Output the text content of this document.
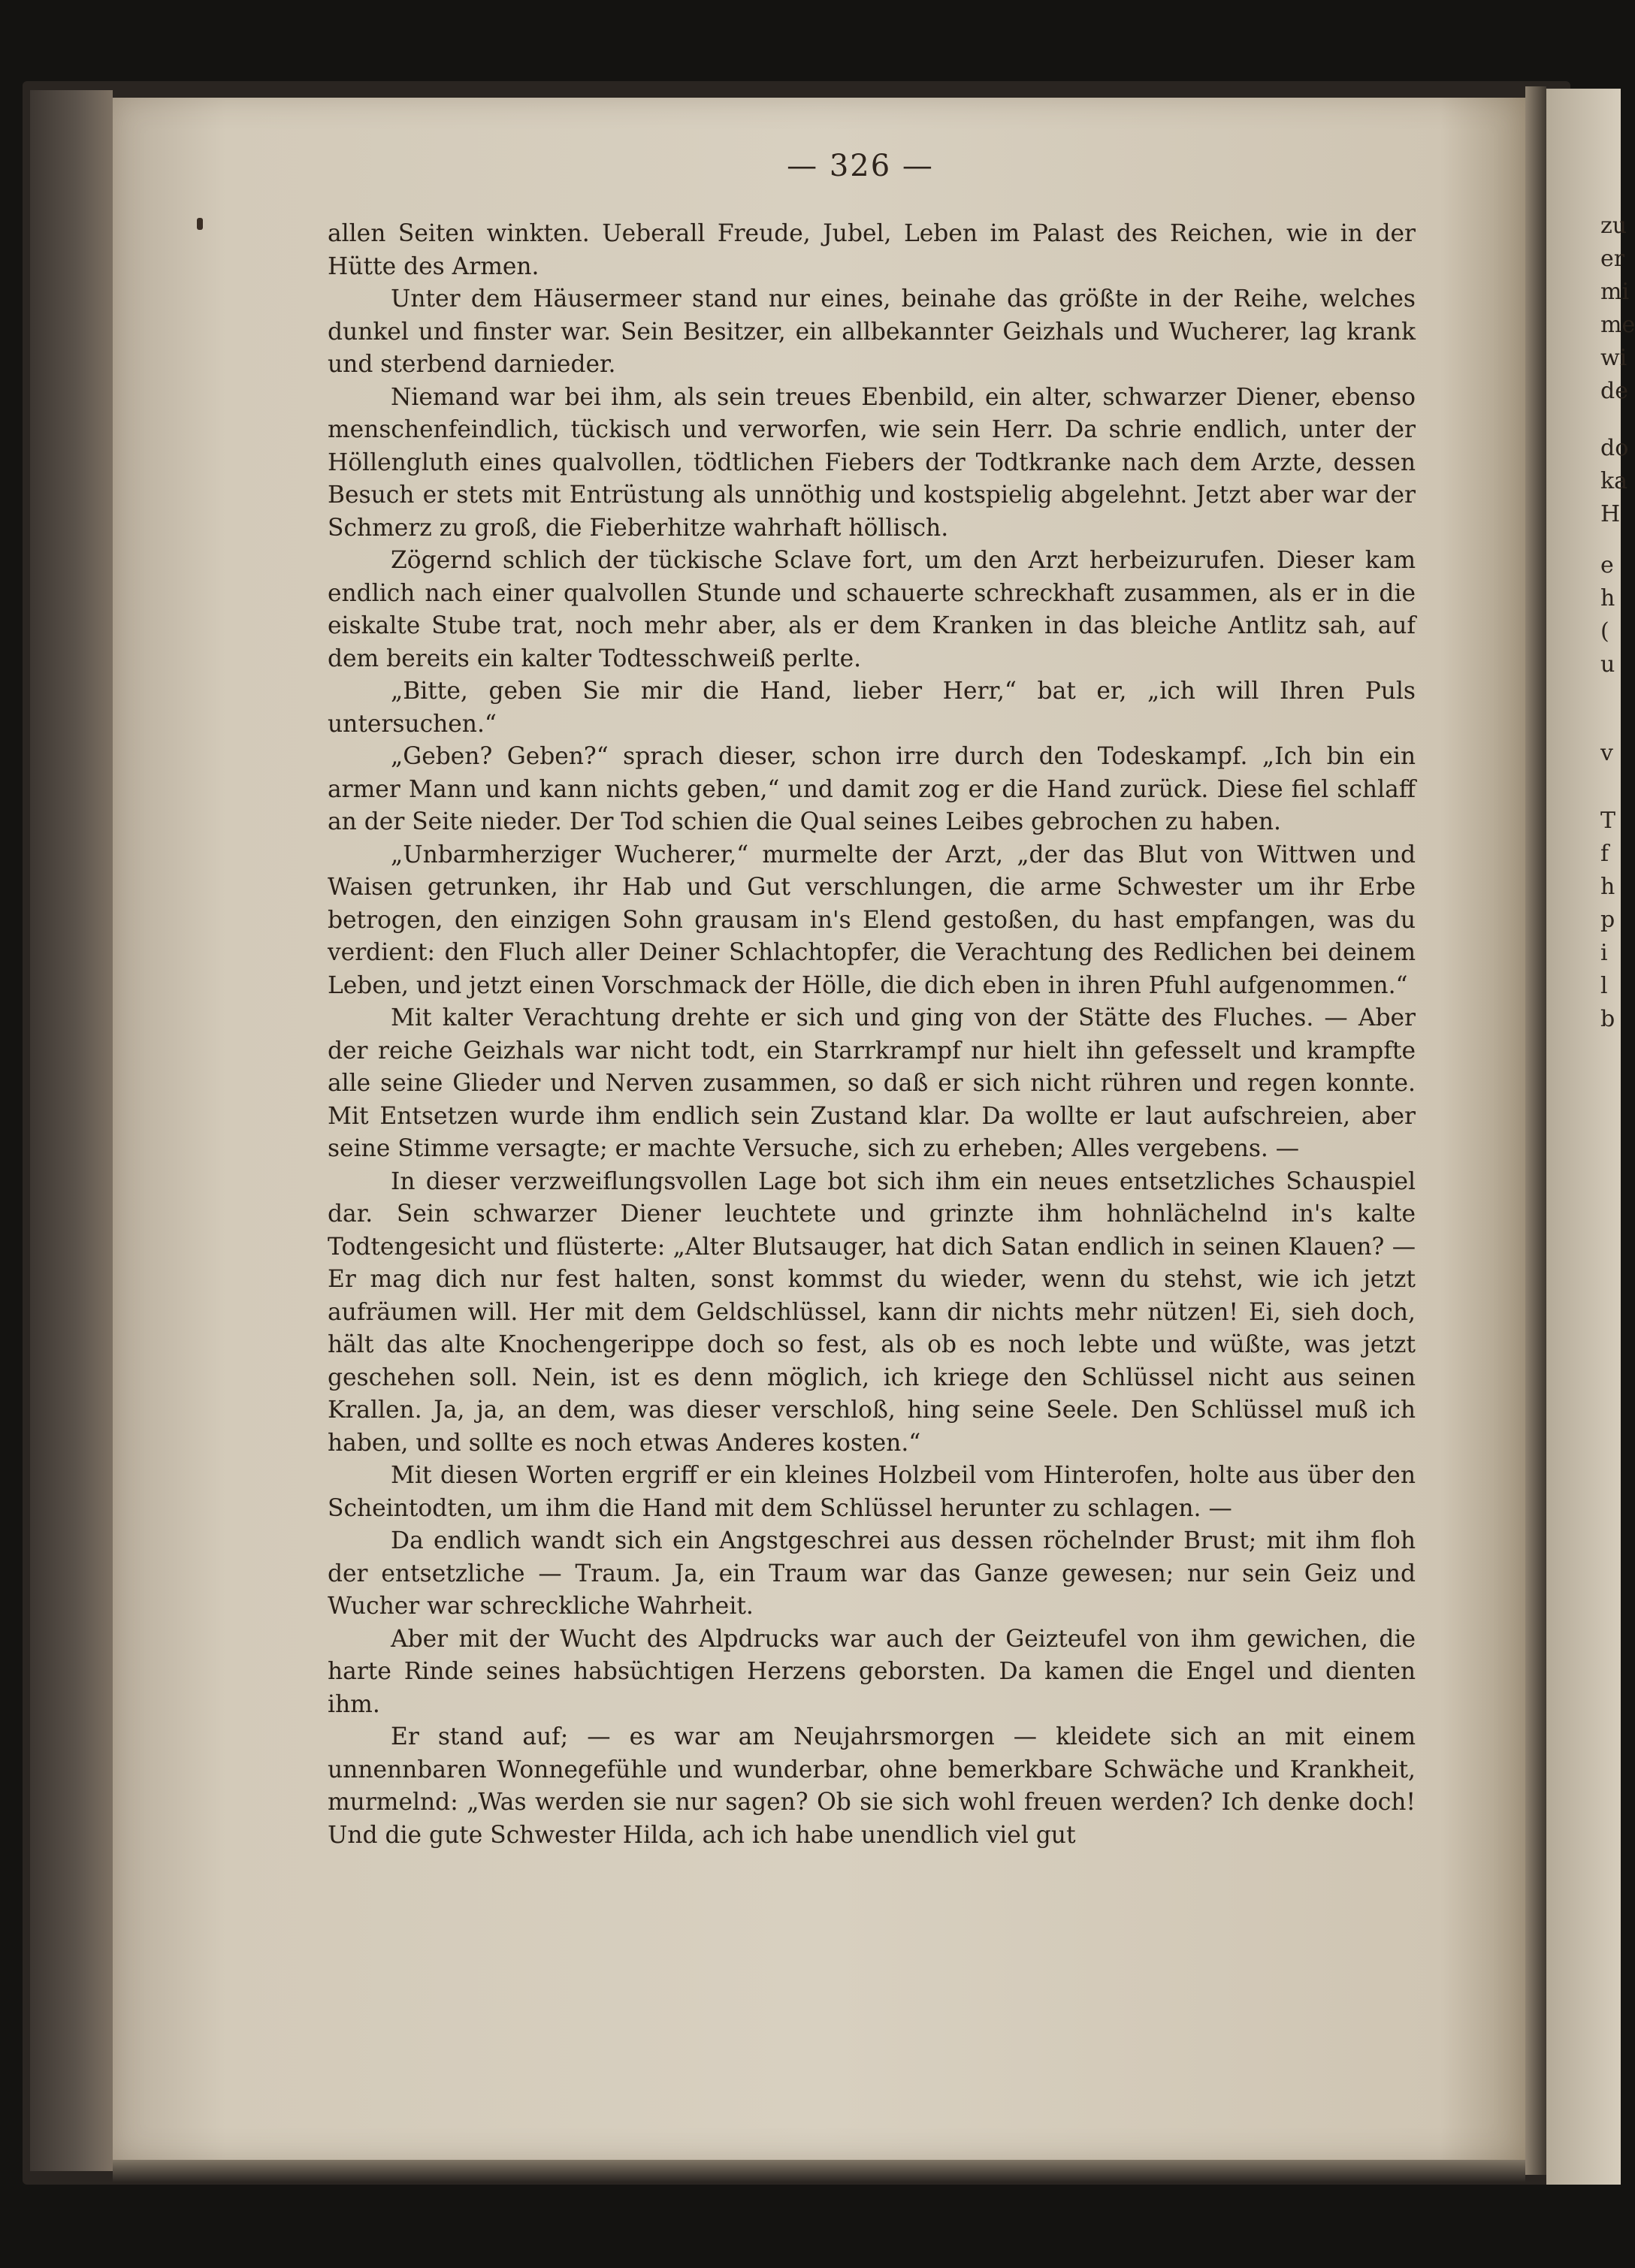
zu
er
mi
me
wi
de
do
ka
H
e
h
(
u
v
T
f
h
p
i
l
b
— 326 —

allen Seiten winkten. Ueberall Freude, Jubel, Leben im Palast des Reichen, wie in der Hütte des Armen.

Unter dem Häusermeer stand nur eines, beinahe das größte in der Reihe, welches dunkel und finster war. Sein Besitzer, ein allbekannter Geizhals und Wucherer, lag krank und sterbend darnieder.

Niemand war bei ihm, als sein treues Ebenbild, ein alter, schwarzer Diener, ebenso menschenfeindlich, tückisch und verworfen, wie sein Herr. Da schrie endlich, unter der Höllengluth eines qualvollen, tödtlichen Fiebers der Todtkranke nach dem Arzte, dessen Besuch er stets mit Entrüstung als unnöthig und kostspielig abgelehnt. Jetzt aber war der Schmerz zu groß, die Fieberhitze wahrhaft höllisch.

Zögernd schlich der tückische Sclave fort, um den Arzt herbeizurufen. Dieser kam endlich nach einer qualvollen Stunde und schauerte schreckhaft zusammen, als er in die eiskalte Stube trat, noch mehr aber, als er dem Kranken in das bleiche Antlitz sah, auf dem bereits ein kalter Todtesschweiß perlte.

„Bitte, geben Sie mir die Hand, lieber Herr,“ bat er, „ich will Ihren Puls untersuchen.“

„Geben? Geben?“ sprach dieser, schon irre durch den Todeskampf. „Ich bin ein armer Mann und kann nichts geben,“ und damit zog er die Hand zurück. Diese fiel schlaff an der Seite nieder. Der Tod schien die Qual seines Leibes gebrochen zu haben.

„Unbarmherziger Wucherer,“ murmelte der Arzt, „der das Blut von Wittwen und Waisen getrunken, ihr Hab und Gut verschlungen, die arme Schwester um ihr Erbe betrogen, den einzigen Sohn grausam in's Elend gestoßen, du hast empfangen, was du verdient: den Fluch aller Deiner Schlachtopfer, die Verachtung des Redlichen bei deinem Leben, und jetzt einen Vorschmack der Hölle, die dich eben in ihren Pfuhl aufgenommen.“

Mit kalter Verachtung drehte er sich und ging von der Stätte des Fluches. — Aber der reiche Geizhals war nicht todt, ein Starrkrampf nur hielt ihn gefesselt und krampfte alle seine Glieder und Nerven zusammen, so daß er sich nicht rühren und regen konnte. Mit Entsetzen wurde ihm endlich sein Zustand klar. Da wollte er laut aufschreien, aber seine Stimme versagte; er machte Versuche, sich zu erheben; Alles vergebens. —

In dieser verzweiflungsvollen Lage bot sich ihm ein neues entsetzliches Schauspiel dar. Sein schwarzer Diener leuchtete und grinzte ihm hohnlächelnd in's kalte Todtengesicht und flüsterte: „Alter Blutsauger, hat dich Satan endlich in seinen Klauen? — Er mag dich nur fest halten, sonst kommst du wieder, wenn du stehst, wie ich jetzt aufräumen will. Her mit dem Geldschlüssel, kann dir nichts mehr nützen! Ei, sieh doch, hält das alte Knochengerippe doch so fest, als ob es noch lebte und wüßte, was jetzt geschehen soll. Nein, ist es denn möglich, ich kriege den Schlüssel nicht aus seinen Krallen. Ja, ja, an dem, was dieser verschloß, hing seine Seele. Den Schlüssel muß ich haben, und sollte es noch etwas Anderes kosten.“

Mit diesen Worten ergriff er ein kleines Holzbeil vom Hinterofen, holte aus über den Scheintodten, um ihm die Hand mit dem Schlüssel herunter zu schlagen. —

Da endlich wandt sich ein Angstgeschrei aus dessen röchelnder Brust; mit ihm floh der entsetzliche — Traum. Ja, ein Traum war das Ganze gewesen; nur sein Geiz und Wucher war schreckliche Wahrheit.

Aber mit der Wucht des Alpdrucks war auch der Geizteufel von ihm gewichen, die harte Rinde seines habsüchtigen Herzens geborsten. Da kamen die Engel und dienten ihm.

Er stand auf; — es war am Neujahrsmorgen — kleidete sich an mit einem unnennbaren Wonnegefühle und wunderbar, ohne bemerkbare Schwäche und Krankheit, murmelnd: „Was werden sie nur sagen? Ob sie sich wohl freuen werden? Ich denke doch! Und die gute Schwester Hilda, ach ich habe unendlich viel gut
